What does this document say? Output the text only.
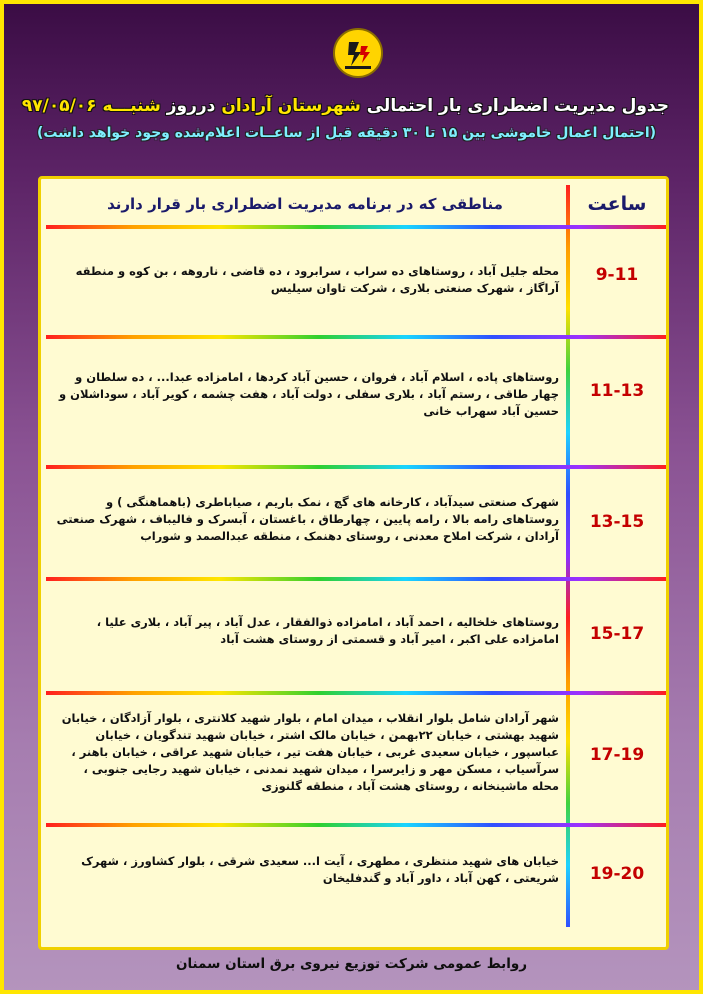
جدول مدیریت اضطراری بار احتمالی شهرستان آرادان درروز شنبـــه ۹۷/۰۵/۰۶
(احتمال اعمال خاموشی بین ۱۵ تا ۳۰ دقیقه قبل از ساعــات اعلام‌شده وجود خواهد داشت)
ساعت
مناطقی که در برنامه مدیریت اضطراری بار قرار دارند
9-11
محله جلیل آباد ، روستاهای ده سراب ، سرابرود ، ده قاضی ، ناروهه ، بن کوه و منطقه آراگاز ، شهرک صنعتی بلاری ، شرکت تاوان سیلیس
11-13
روستاهای پاده ، اسلام آباد ، فروان ، حسین آباد کردها ، امامزاده عبدا... ، ده سلطان و چهار طاقی ، رستم آباد ، بلاری سفلی ، دولت آباد ، هفت چشمه ، کویر آباد ، سوداشلان و حسین آباد سهراب خانی
13-15
شهرک صنعتی سیدآباد ، کارخانه های گچ ، نمک باریم ، صیاباطری (باهماهنگی ) و روستاهای رامه بالا ، رامه پایین ، چهارطاق ، باغستان ، آبسرک و فالیباف ، شهرک صنعتی آرادان ، شرکت املاح معدنی ، روستای دهنمک ، منطقه عبدالصمد و شوراب
15-17
روستاهای خلخالیه ، احمد آباد ، امامزاده ذوالفقار ، عدل آباد ، پیر آباد ، بلاری علیا ، امامزاده علی اکبر ، امیر آباد و قسمتی از روستای هشت آباد
17-19
شهر آرادان شامل بلوار انقلاب ، میدان امام ، بلوار شهید کلانتری ، بلوار آزادگان ، خیابان شهید بهشتی ، خیابان ۲۲بهمن ، خیابان مالک اشتر ، خیابان شهید تندگویان ، خیابان عباسپور ، خیابان سعیدی غربی ، خیابان هفت تیر ، خیابان شهید عراقی ، خیابان باهنر ، سرآسیاب ، مسکن مهر و زایرسرا ، میدان شهید نمدنی ، خیابان شهید رجایی جنوبی ، محله ماشینخانه ، روستای هشت آباد ، منطقه گلنوزی
19-20
خیابان های شهید منتظری ، مطهری ، آیت ا... سعیدی شرقی ، بلوار کشاورز ، شهرک شریعتی ، کهن آباد ، داور آباد و گندفلیخان
روابط عمومی شرکت توزیع نیروی برق استان سمنان
